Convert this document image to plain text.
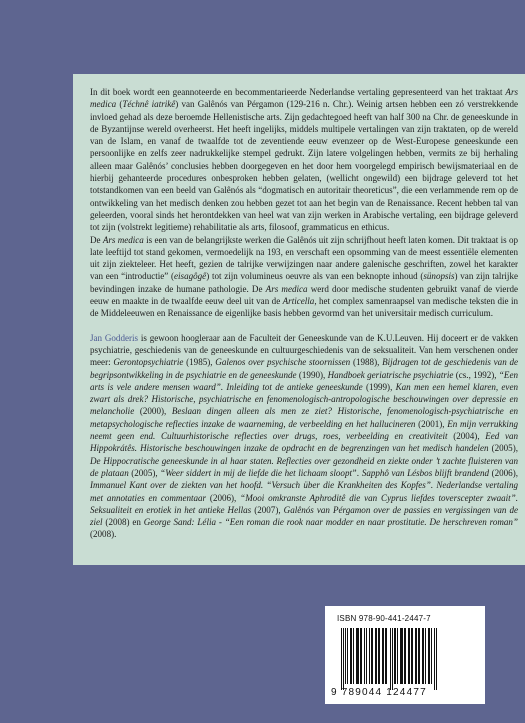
In dit boek wordt een geannoteerde en becommentarieerde Nederlandse vertaling gepresenteerd van het traktaat Ars medica (Téchnê iatrikê) van Galênós van Pérgamon (129-216 n. Chr.). Weinig artsen hebben een zó verstrekkende invloed gehad als deze beroemde Hellenistische arts. Zijn gedachtegoed heeft van half 300 na Chr. de geneeskunde in de Byzantijnse wereld overheerst. Het heeft ingelijks, middels multipele vertalingen van zijn traktaten, op de wereld van de Islam, en vanaf de twaalfde tot de zeventiende eeuw evenzeer op de West-Europese geneeskunde een persoonlijke en zelfs zeer nadrukkelijke stempel gedrukt. Zijn latere volgelingen hebben, vermits ze bij herhaling alleen maar Galênós’ conclusies hebben doorgegeven en het door hem voorgelegd empirisch bewijsmateriaal en de hierbij gehanteerde procedures onbesproken hebben gelaten, (wellicht ongewild) een bijdrage geleverd tot het totstandkomen van een beeld van Galênós als “dogmatisch en autoritair theoreticus”, die een verlammende rem op de ontwikkeling van het medisch denken zou hebben gezet tot aan het begin van de Renaissance. Recent hebben tal van geleerden, vooral sinds het herontdekken van heel wat van zijn werken in Arabische vertaling, een bijdrage geleverd tot zijn (volstrekt legitieme) rehabilitatie als arts, filosoof, grammaticus en ethicus.

De Ars medica is een van de belangrijkste werken die Galênós uit zijn schrijfhout heeft laten komen. Dit traktaat is op late leeftijd tot stand gekomen, vermoedelijk na 193, en verschaft een opsomming van de meest essentiële elementen uit zijn ziekteleer. Het heeft, gezien de talrijke verwijzingen naar andere galenische geschriften, zowel het karakter van een “introductie” (eisagôgê) tot zijn volumineus oeuvre als van een beknopte inhoud (sünopsis) van zijn talrijke bevindingen inzake de humane pathologie. De Ars medica werd door medische studenten gebruikt vanaf de vierde eeuw en maakte in de twaalfde eeuw deel uit van de Articella, het complex samenraapsel van medische teksten die in de Middeleeuwen en Renaissance de eigenlijke basis hebben gevormd van het universitair medisch curriculum.

Jan Godderis is gewoon hoogleraar aan de Faculteit der Geneeskunde van de K.U.Leuven. Hij doceert er de vakken psychiatrie, geschiedenis van de geneeskunde en cultuurgeschiedenis van de seksualiteit. Van hem verschenen onder meer: Gerontopsychiatrie (1985), Galenos over psychische stoornissen (1988), Bijdragen tot de geschiedenis van de begripsontwikkeling in de psychiatrie en de geneeskunde (1990), Handboek geriatrische psychiatrie (cs., 1992), “Een arts is vele andere mensen waard”. Inleiding tot de antieke geneeskunde (1999), Kan men een hemel klaren, even zwart als drek? Historische, psychiatrische en fenomenologisch-antropologische beschouwingen over depressie en melancholie (2000), Beslaan dingen alleen als men ze ziet? Historische, fenomenologisch-psychiatrische en metapsychologische reflecties inzake de waarneming, de verbeelding en het hallucineren (2001), En mijn verrukking neemt geen end. Cultuurhistorische reflecties over drugs, roes, verbeelding en creativiteit (2004), Eed van Hippokrátês. Historische beschouwingen inzake de opdracht en de begrenzingen van het medisch handelen (2005), De Hippocratische geneeskunde in al haar staten. Reflecties over gezondheid en ziekte onder ’t zachte fluisteren van de plataan (2005), “Weer siddert in mij de liefde die het lichaam slooptˮ. Sapphô van Lésbos blijft brandend (2006), Immanuel Kant over de ziekten van het hoofd. “Versuch über die Krankheiten des Kopfes”. Nederlandse vertaling met annotaties en commentaar (2006), “Mooi omkranste Aphroditê die van Cyprus liefdes toverscepter zwaait”. Seksualiteit en erotiek in het antieke Hellas (2007), Galênós van Pérgamon over de passies en vergissingen van de ziel (2008) en George Sand: Lélia - “Een roman die rook naar modder en naar prostitutie. De herschreven roman” (2008).

ISBN 978-90-441-2447-7
9 789044 124477
